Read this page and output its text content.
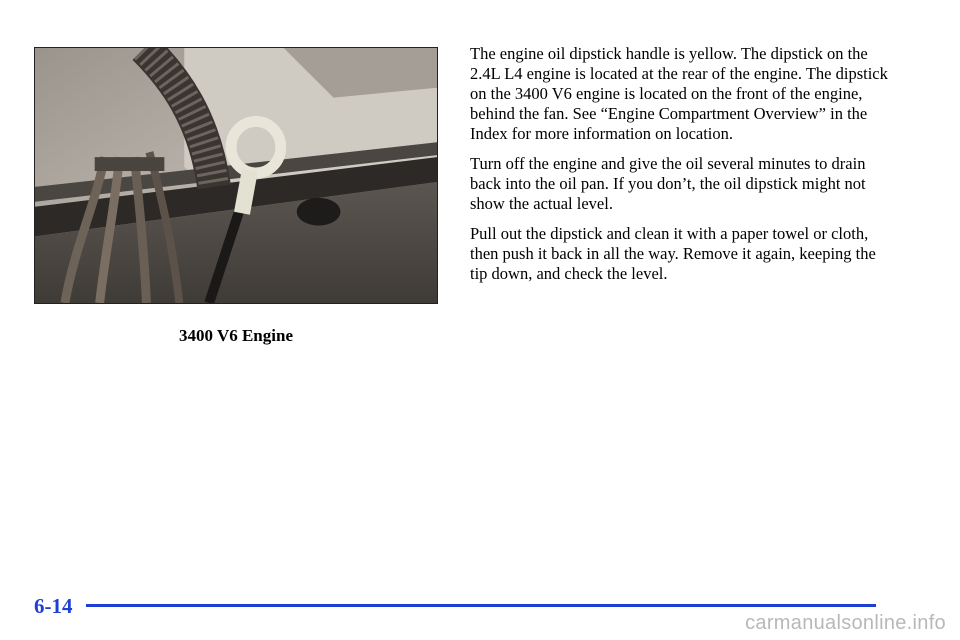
3400 V6 Engine

The engine oil dipstick handle is yellow. The dipstick on the 2.4L L4 engine is located at the rear of the engine. The dipstick on the 3400 V6 engine is located on the front of the engine, behind the fan. See “Engine Compartment Overview” in the Index for more information on location.

Turn off the engine and give the oil several minutes to drain back into the oil pan. If you don’t, the oil dipstick might not show the actual level.

Pull out the dipstick and clean it with a paper towel or cloth, then push it back in all the way. Remove it again, keeping the tip down, and check the level.

6-14
carmanualsonline.info
